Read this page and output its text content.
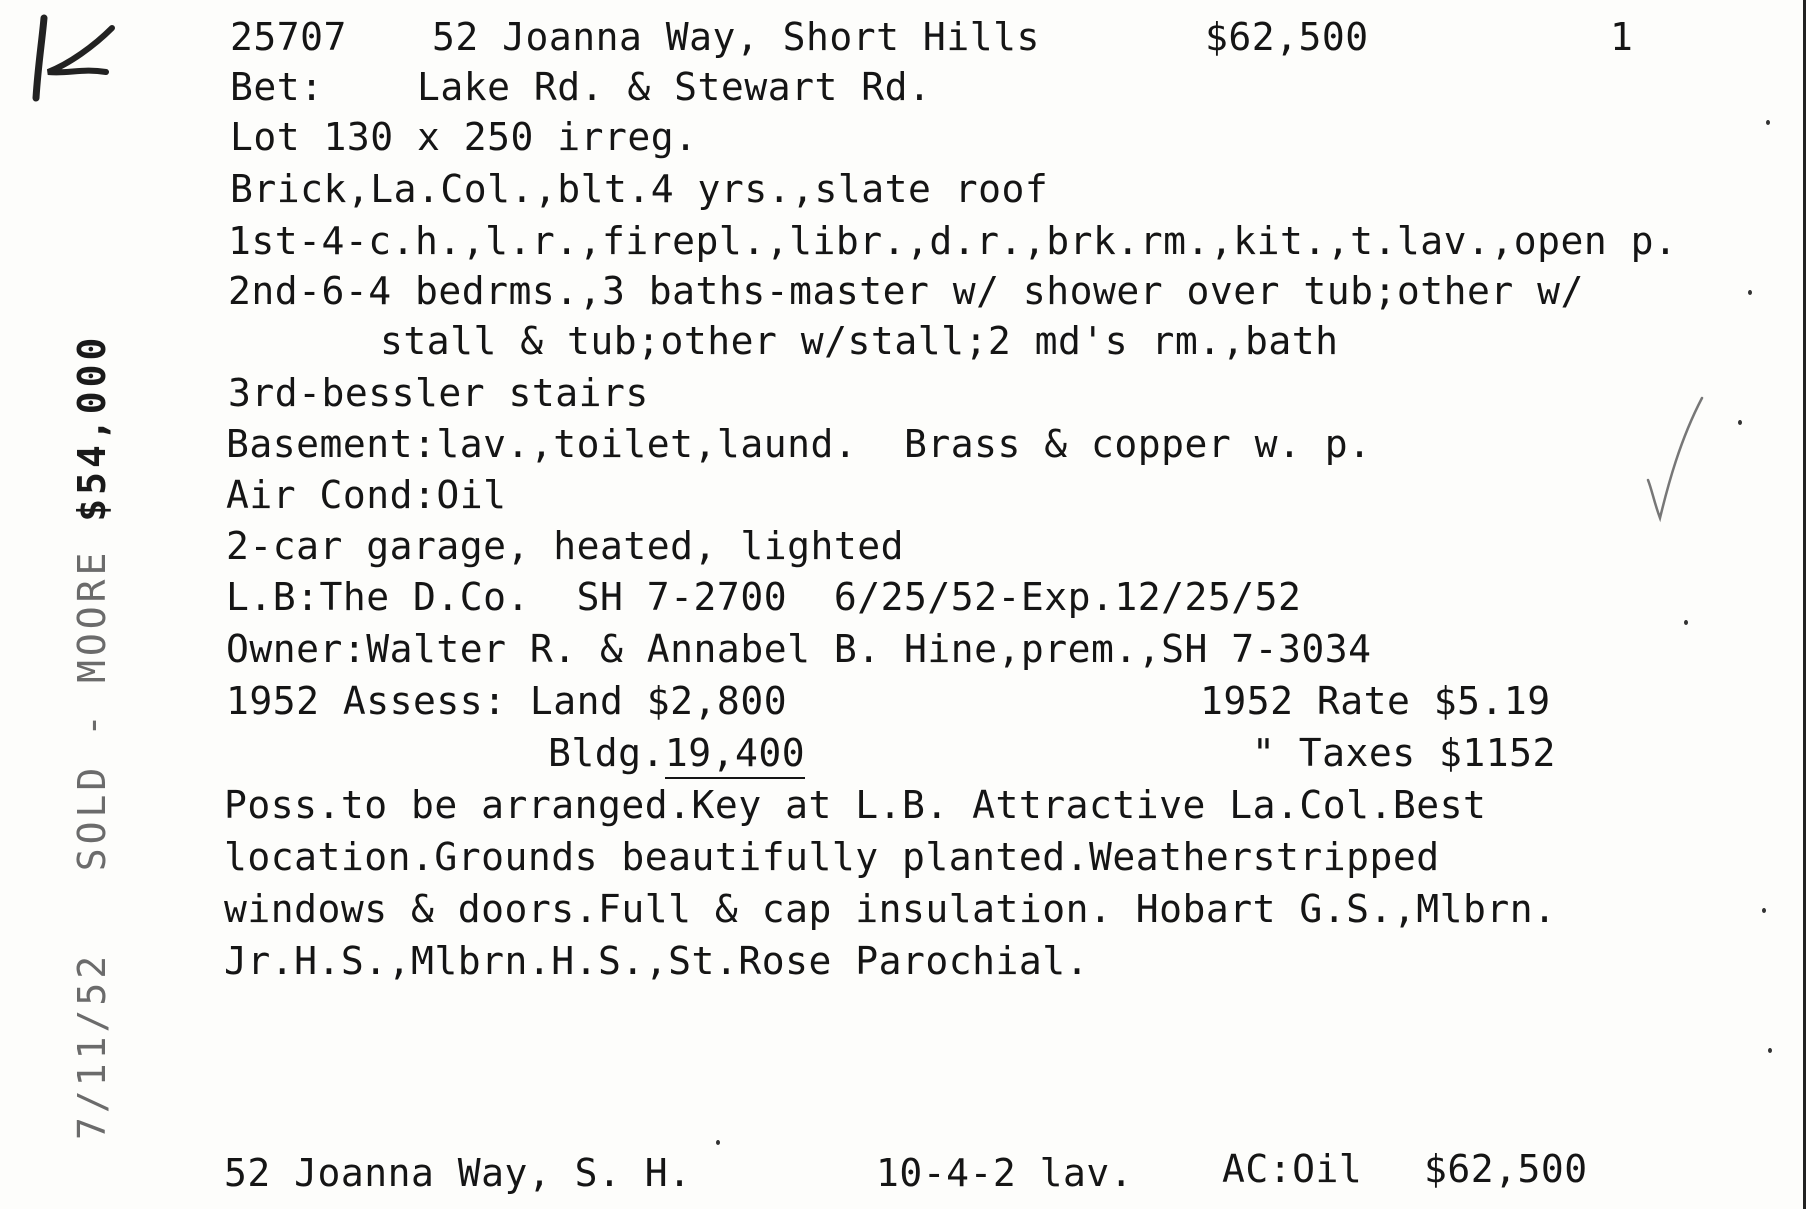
25707 52 Joanna Way, Short Hills	$62,500	1
Bet:    Lake Rd. & Stewart Rd.
Lot 130 x 250 irreg.
Brick,La.Col.,blt.4 yrs.,slate roof
1st-4-c.h.,l.r.,firepl.,libr.,d.r.,brk.rm.,kit.,t.lav.,open p.
2nd-6-4 bedrms.,3 baths-master w/ shower over tub;other w/
stall & tub;other w/stall;2 md's rm.,bath
3rd-bessler stairs
Basement:lav.,toilet,laund.  Brass & copper w. p.
Air Cond:Oil
2-car garage, heated, lighted
L.B:The D.Co.  SH 7-2700  6/25/52-Exp.12/25/52
Owner:Walter R. & Annabel B. Hine,prem.,SH 7-3034
1952 Assess: Land $2,800	1952 Rate $5.19
Bldg.19,400	" Taxes $1152
Poss.to be arranged.Key at L.B. Attractive La.Col.Best
location.Grounds beautifully planted.Weatherstripped
windows & doors.Full & cap insulation. Hobart G.S.,Mlbrn.
Jr.H.S.,Mlbrn.H.S.,St.Rose Parochial.
52 Joanna Way, S. H.	10-4-2 lav. AC:Oil $62,500
7/11/52   SOLD - MOORE $54,000
